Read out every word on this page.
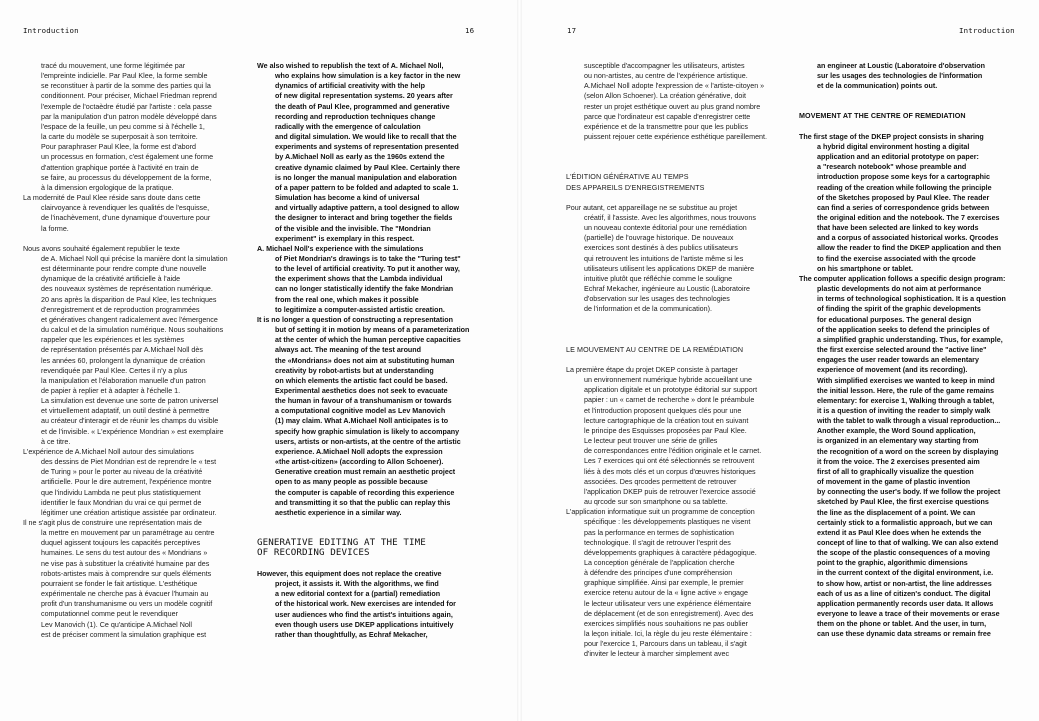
Introduction	16	17	Introduction
tracé du mouvement, une forme légitimée par
l'empreinte indicielle. Par Paul Klee, la forme semble
se reconstituer à partir de la somme des parties qui la
conditionnent. Pour préciser, Michael Friedman reprend
l'exemple de l'octaèdre étudié par l'artiste : cela passe
par la manipulation d'un patron modèle développé dans
l'espace de la feuille, un peu comme si à l'échelle 1,
la carte du modèle se superposait à son territoire.
Pour paraphraser Paul Klee, la forme est d'abord
un processus en formation, c'est également une forme
d'attention graphique portée à l'activité en train de
se faire, au processus du développement de la forme,
à la dimension ergologique de la pratique.
La modernité de Paul Klee réside sans doute dans cette
clairvoyance à revendiquer les qualités de l'esquisse,
de l'inachèvement, d'une dynamique d'ouverture pour
la forme.
Nous avons souhaité également republier le texte
de A. Michael Noll qui précise la manière dont la simulation
est déterminante pour rendre compte d'une nouvelle
dynamique de la créativité artificielle à l'aide
des nouveaux systèmes de représentation numérique.
20 ans après la disparition de Paul Klee, les techniques
d'enregistrement et de reproduction programmées
et génératives changent radicalement avec l'émergence
du calcul et de la simulation numérique. Nous souhaitions
rappeler que les expériences et les systèmes
de représentation présentés par A.Michael Noll dès
les années 60, prolongent la dynamique de création
revendiquée par Paul Klee. Certes il n'y a plus
la manipulation et l'élaboration manuelle d'un patron
de papier à replier et à adapter à l'échelle 1.
La simulation est devenue une sorte de patron universel
et virtuellement adaptatif, un outil destiné à permettre
au créateur d'interagir et de réunir les champs du visible
et de l'invisible. « L'expérience Mondrian » est exemplaire
à ce titre.
L'expérience de A.Michael Noll autour des simulations
des dessins de Piet Mondrian est de reprendre le « test
de Turing » pour le porter au niveau de la créativité
artificielle. Pour le dire autrement, l'expérience montre
que l'individu Lambda ne peut plus statistiquement
identifier le faux Mondrian du vrai ce qui permet de
légitimer une création artistique assistée par ordinateur.
Il ne s'agit plus de construire une représentation mais de
la mettre en mouvement par un paramétrage au centre
duquel agissent toujours les capacités perceptives
humaines. Le sens du test autour des « Mondrians »
ne vise pas à substituer la créativité humaine par des
robots-artistes mais à comprendre sur quels éléments
pourraient se fonder le fait artistique. L'esthétique
expérimentale ne cherche pas à évacuer l'humain au
profit d'un transhumanisme ou vers un modèle cognitif
computationnel comme peut le revendiquer
Lev Manovich (1). Ce qu'anticipe A.Michael Noll
est de préciser comment la simulation graphique est
We also wished to republish the text of A. Michael Noll,
who explains how simulation is a key factor in the new
dynamics of artificial creativity with the help
of new digital representation systems. 20 years after
the death of Paul Klee, programmed and generative
recording and reproduction techniques change
radically with the emergence of calculation
and digital simulation. We would like to recall that the
experiments and systems of representation presented
by A.Michael Noll as early as the 1960s extend the
creative dynamic claimed by Paul Klee. Certainly there
is no longer the manual manipulation and elaboration
of a paper pattern to be folded and adapted to scale 1.
Simulation has become a kind of universal
and virtually adaptive pattern, a tool designed to allow
the designer to interact and bring together the fields
of the visible and the invisible. The "Mondrian
experiment" is exemplary in this respect.
A. Michael Noll's experience with the simulations
of Piet Mondrian's drawings is to take the "Turing test"
to the level of artificial creativity. To put it another way,
the experiment shows that the Lambda individual
can no longer statistically identify the fake Mondrian
from the real one, which makes it possible
to legitimize a computer-assisted artistic creation.
It is no longer a question of constructing a representation
but of setting it in motion by means of a parameterization
at the center of which the human perceptive capacities
always act. The meaning of the test around
the «Mondrians» does not aim at substituting human
creativity by robot-artists but at understanding
on which elements the artistic fact could be based.
Experimental aesthetics does not seek to evacuate
the human in favour of a transhumanism or towards
a computational cognitive model as Lev Manovich
(1) may claim. What A.Michael Noll anticipates is to
specify how graphic simulation is likely to accompany
users, artists or non-artists, at the centre of the artistic
experience. A.Michael Noll adopts the expression
«the artist-citizen» (according to Allon Schoener).
Generative creation must remain an aesthetic project
open to as many people as possible because
the computer is capable of recording this experience
and transmitting it so that the public can replay this
aesthetic experience in a similar way.
GENERATIVE EDITING AT THE TIME
OF RECORDING DEVICES
However, this equipment does not replace the creative
project, it assists it. With the algorithms, we find
a new editorial context for a (partial) remediation
of the historical work. New exercises are intended for
user audiences who find the artist's intuitions again,
even though users use DKEP applications intuitively
rather than thoughtfully, as Echraf Mekacher,
susceptible d'accompagner les utilisateurs, artistes
ou non-artistes, au centre de l'expérience artistique.
A.Michael Noll adopte l'expression de « l'artiste-citoyen »
(selon Allon Schoener). La création générative, doit
rester un projet esthétique ouvert au plus grand nombre
parce que l'ordinateur est capable d'enregistrer cette
expérience et de la transmettre pour que les publics
puissent rejouer cette expérience esthétique pareillement.
L'ÉDITION GÉNÉRATIVE AU TEMPS
DES APPAREILS D'ENREGISTREMENTS
Pour autant, cet appareillage ne se substitue au projet
créatif, il l'assiste. Avec les algorithmes, nous trouvons
un nouveau contexte éditorial pour une remédiation
(partielle) de l'ouvrage historique. De nouveaux
exercices sont destinés à des publics utilisateurs
qui retrouvent les intuitions de l'artiste même si les
utilisateurs utilisent les applications DKEP de manière
intuitive plutôt que réfléchie comme le souligne
Echraf Mekacher, ingénieure au Loustic (Laboratoire
d'observation sur les usages des technologies
de l'information et de la communication).
LE MOUVEMENT AU CENTRE DE LA REMÉDIATION
La première étape du projet DKEP consiste à partager
un environnement numérique hybride accueillant une
application digitale et un prototype éditorial sur support
papier : un « carnet de recherche » dont le préambule
et l'introduction proposent quelques clés pour une
lecture cartographique de la création tout en suivant
le principe des Esquisses proposées par Paul Klee.
Le lecteur peut trouver une série de grilles
de correspondances entre l'édition originale et le carnet.
Les 7 exercices qui ont été sélectionnés se retrouvent
liés à des mots clés et un corpus d'œuvres historiques
associées. Des qrcodes permettent de retrouver
l'application DKEP puis de retrouver l'exercice associé
au qrcode sur son smartphone ou sa tablette.
L'application informatique suit un programme de conception
spécifique : les développements plastiques ne visent
pas la performance en termes de sophistication
technologique. Il s'agit de retrouver l'esprit des
développements graphiques à caractère pédagogique.
La conception générale de l'application cherche
à défendre des principes d'une compréhension
graphique simplifiée. Ainsi par exemple, le premier
exercice retenu autour de la « ligne active » engage
le lecteur utilisateur vers une expérience élémentaire
de déplacement (et de son enregistrement). Avec des
exercices simplifiés nous souhaitions ne pas oublier
la leçon initiale. Ici, la règle du jeu reste élémentaire :
pour l'exercice 1, Parcours dans un tableau, il s'agit
d'inviter le lecteur à marcher simplement avec
an engineer at Loustic (Laboratoire d'observation
sur les usages des technologies de l'information
et de la communication) points out.
MOVEMENT AT THE CENTRE OF REMEDIATION
The first stage of the DKEP project consists in sharing
a hybrid digital environment hosting a digital
application and an editorial prototype on paper:
a "research notebook" whose preamble and
introduction propose some keys for a cartographic
reading of the creation while following the principle
of the Sketches proposed by Paul Klee. The reader
can find a series of correspondence grids between
the original edition and the notebook. The 7 exercises
that have been selected are linked to key words
and a corpus of associated historical works. Qrcodes
allow the reader to find the DKEP application and then
to find the exercise associated with the qrcode
on his smartphone or tablet.
The computer application follows a specific design program:
plastic developments do not aim at performance
in terms of technological sophistication. It is a question
of finding the spirit of the graphic developments
for educational purposes. The general design
of the application seeks to defend the principles of
a simplified graphic understanding. Thus, for example,
the first exercise selected around the "active line"
engages the user reader towards an elementary
experience of movement (and its recording).
With simplified exercises we wanted to keep in mind
the initial lesson. Here, the rule of the game remains
elementary: for exercise 1, Walking through a tablet,
it is a question of inviting the reader to simply walk
with the tablet to walk through a visual reproduction...
Another example, the Word Sound application,
is organized in an elementary way starting from
the recognition of a word on the screen by displaying
it from the voice. The 2 exercises presented aim
first of all to graphically visualize the question
of movement in the game of plastic invention
by connecting the user's body. If we follow the project
sketched by Paul Klee, the first exercise questions
the line as the displacement of a point. We can
certainly stick to a formalistic approach, but we can
extend it as Paul Klee does when he extends the
concept of line to that of walking. We can also extend
the scope of the plastic consequences of a moving
point to the graphic, algorithmic dimensions
in the current context of the digital environment, i.e.
to show how, artist or non-artist, the line addresses
each of us as a line of citizen's conduct. The digital
application permanently records user data. It allows
everyone to leave a trace of their movements or erase
them on the phone or tablet. And the user, in turn,
can use these dynamic data streams or remain free
